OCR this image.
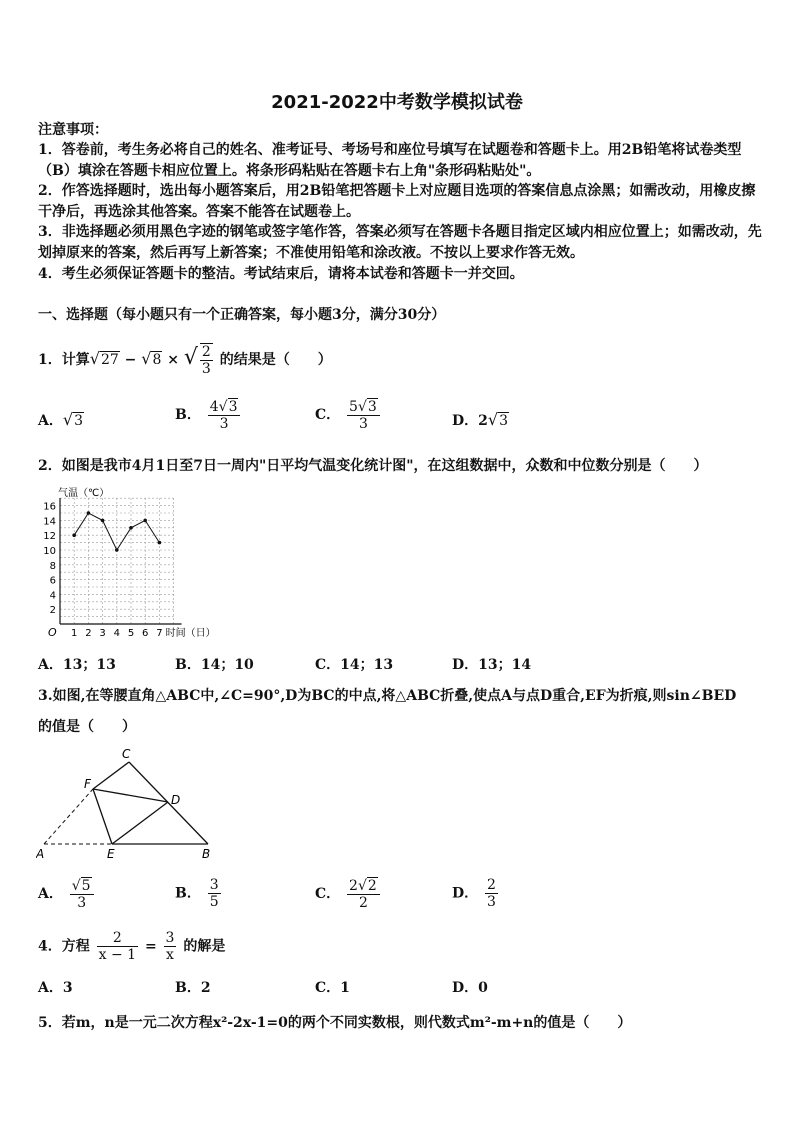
2021-2022中考数学模拟试卷
注意事项：
1．答卷前，考生务必将自己的姓名、准考证号、考场号和座位号填写在试题卷和答题卡上。用2B铅笔将试卷类型
（B）填涂在答题卡相应位置上。将条形码粘贴在答题卡右上角"条形码粘贴处"。
2．作答选择题时，选出每小题答案后，用2B铅笔把答题卡上对应题目选项的答案信息点涂黑；如需改动，用橡皮擦
干净后，再选涂其他答案。答案不能答在试题卷上。
3．非选择题必须用黑色字迹的钢笔或签字笔作答，答案必须写在答题卡各题目指定区域内相应位置上；如需改动，先
划掉原来的答案，然后再写上新答案；不准使用铅笔和涂改液。不按以上要求作答无效。
4．考生必须保证答题卡的整洁。考试结束后，请将本试卷和答题卡一并交回。
一、选择题（每小题只有一个正确答案，每小题3分，满分30分）
1．计算√27 − √8 × √ $\frac{2}{3}$ 的结果是（　　）
A．√3	B． $\frac{4√3}{3}$	C． $\frac{5√3}{3}$	D．2√3
2．如图是我市4月1日至7日一周内"日平均气温变化统计图"，在这组数据中，众数和中位数分别是（　　）
气温（℃）
时间（日）
O
2
4
6
8
10
12
14
16
1 2 3 4 5 6 7
A．13；13	B．14；10	C．14；13	D．13；14
3.如图,在等腰直角△ABC中,∠C=90°,D为BC的中点,将△ABC折叠,使点A与点D重合,EF为折痕,则sin∠BED
的值是（　　）
A	B
C
D
E
F
A． $\frac{√5}{3}$	B． $\frac{3}{5}$	C． $\frac{2√2}{2}$	D． $\frac{2}{3}$
4．方程 $\frac{2}{x - 1} = \frac{3}{x}$ 的解是
A．3	B．2	C．1	D．0
5．若m，n是一元二次方程x²-2x-1=0的两个不同实数根，则代数式m²-m+n的值是（　　）
